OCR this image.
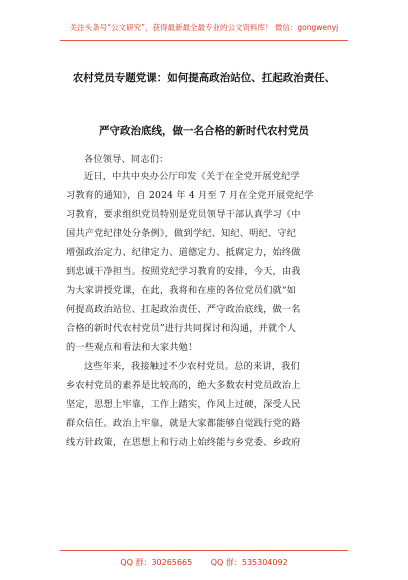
关注头条号“公文研究”，获得最新最全最专业的公文资料库！ 微信：gongwenyj
农村党员专题党课：如何提高政治站位、扛起政治责任、
严守政治底线，做一名合格的新时代农村党员
各位领导、同志们：
近日，中共中央办公厅印发《关于在全党开展党纪学
习教育的通知》，自 2024 年 4 月至 7 月在全党开展党纪学
习教育，要求组织党员特别是党员领导干部认真学习《中
国共产党纪律处分条例》，做到学纪、知纪、明纪、守纪
增强政治定力、纪律定力、道德定力、抵腐定力，始终做
到忠诚干净担当。按照党纪学习教育的安排，今天，由我
为大家讲授党课，在此，我将和在座的各位党员们就“如
何提高政治站位、扛起政治责任、严守政治底线，做一名
合格的新时代农村党员”进行共同探讨和沟通，并就个人
的一些观点和看法和大家共勉！
这些年来，我接触过不少农村党员。总的来讲，我们
乡农村党员的素养是比较高的，绝大多数农村党员政治上
坚定，思想上牢靠，工作上踏实，作风上过硬，深受人民
群众信任。政治上牢靠，就是大家都能够自觉践行党的路
线方针政策，在思想上和行动上始终能与乡党委、乡政府
QQ 群：30265665 QQ 群：535304092
